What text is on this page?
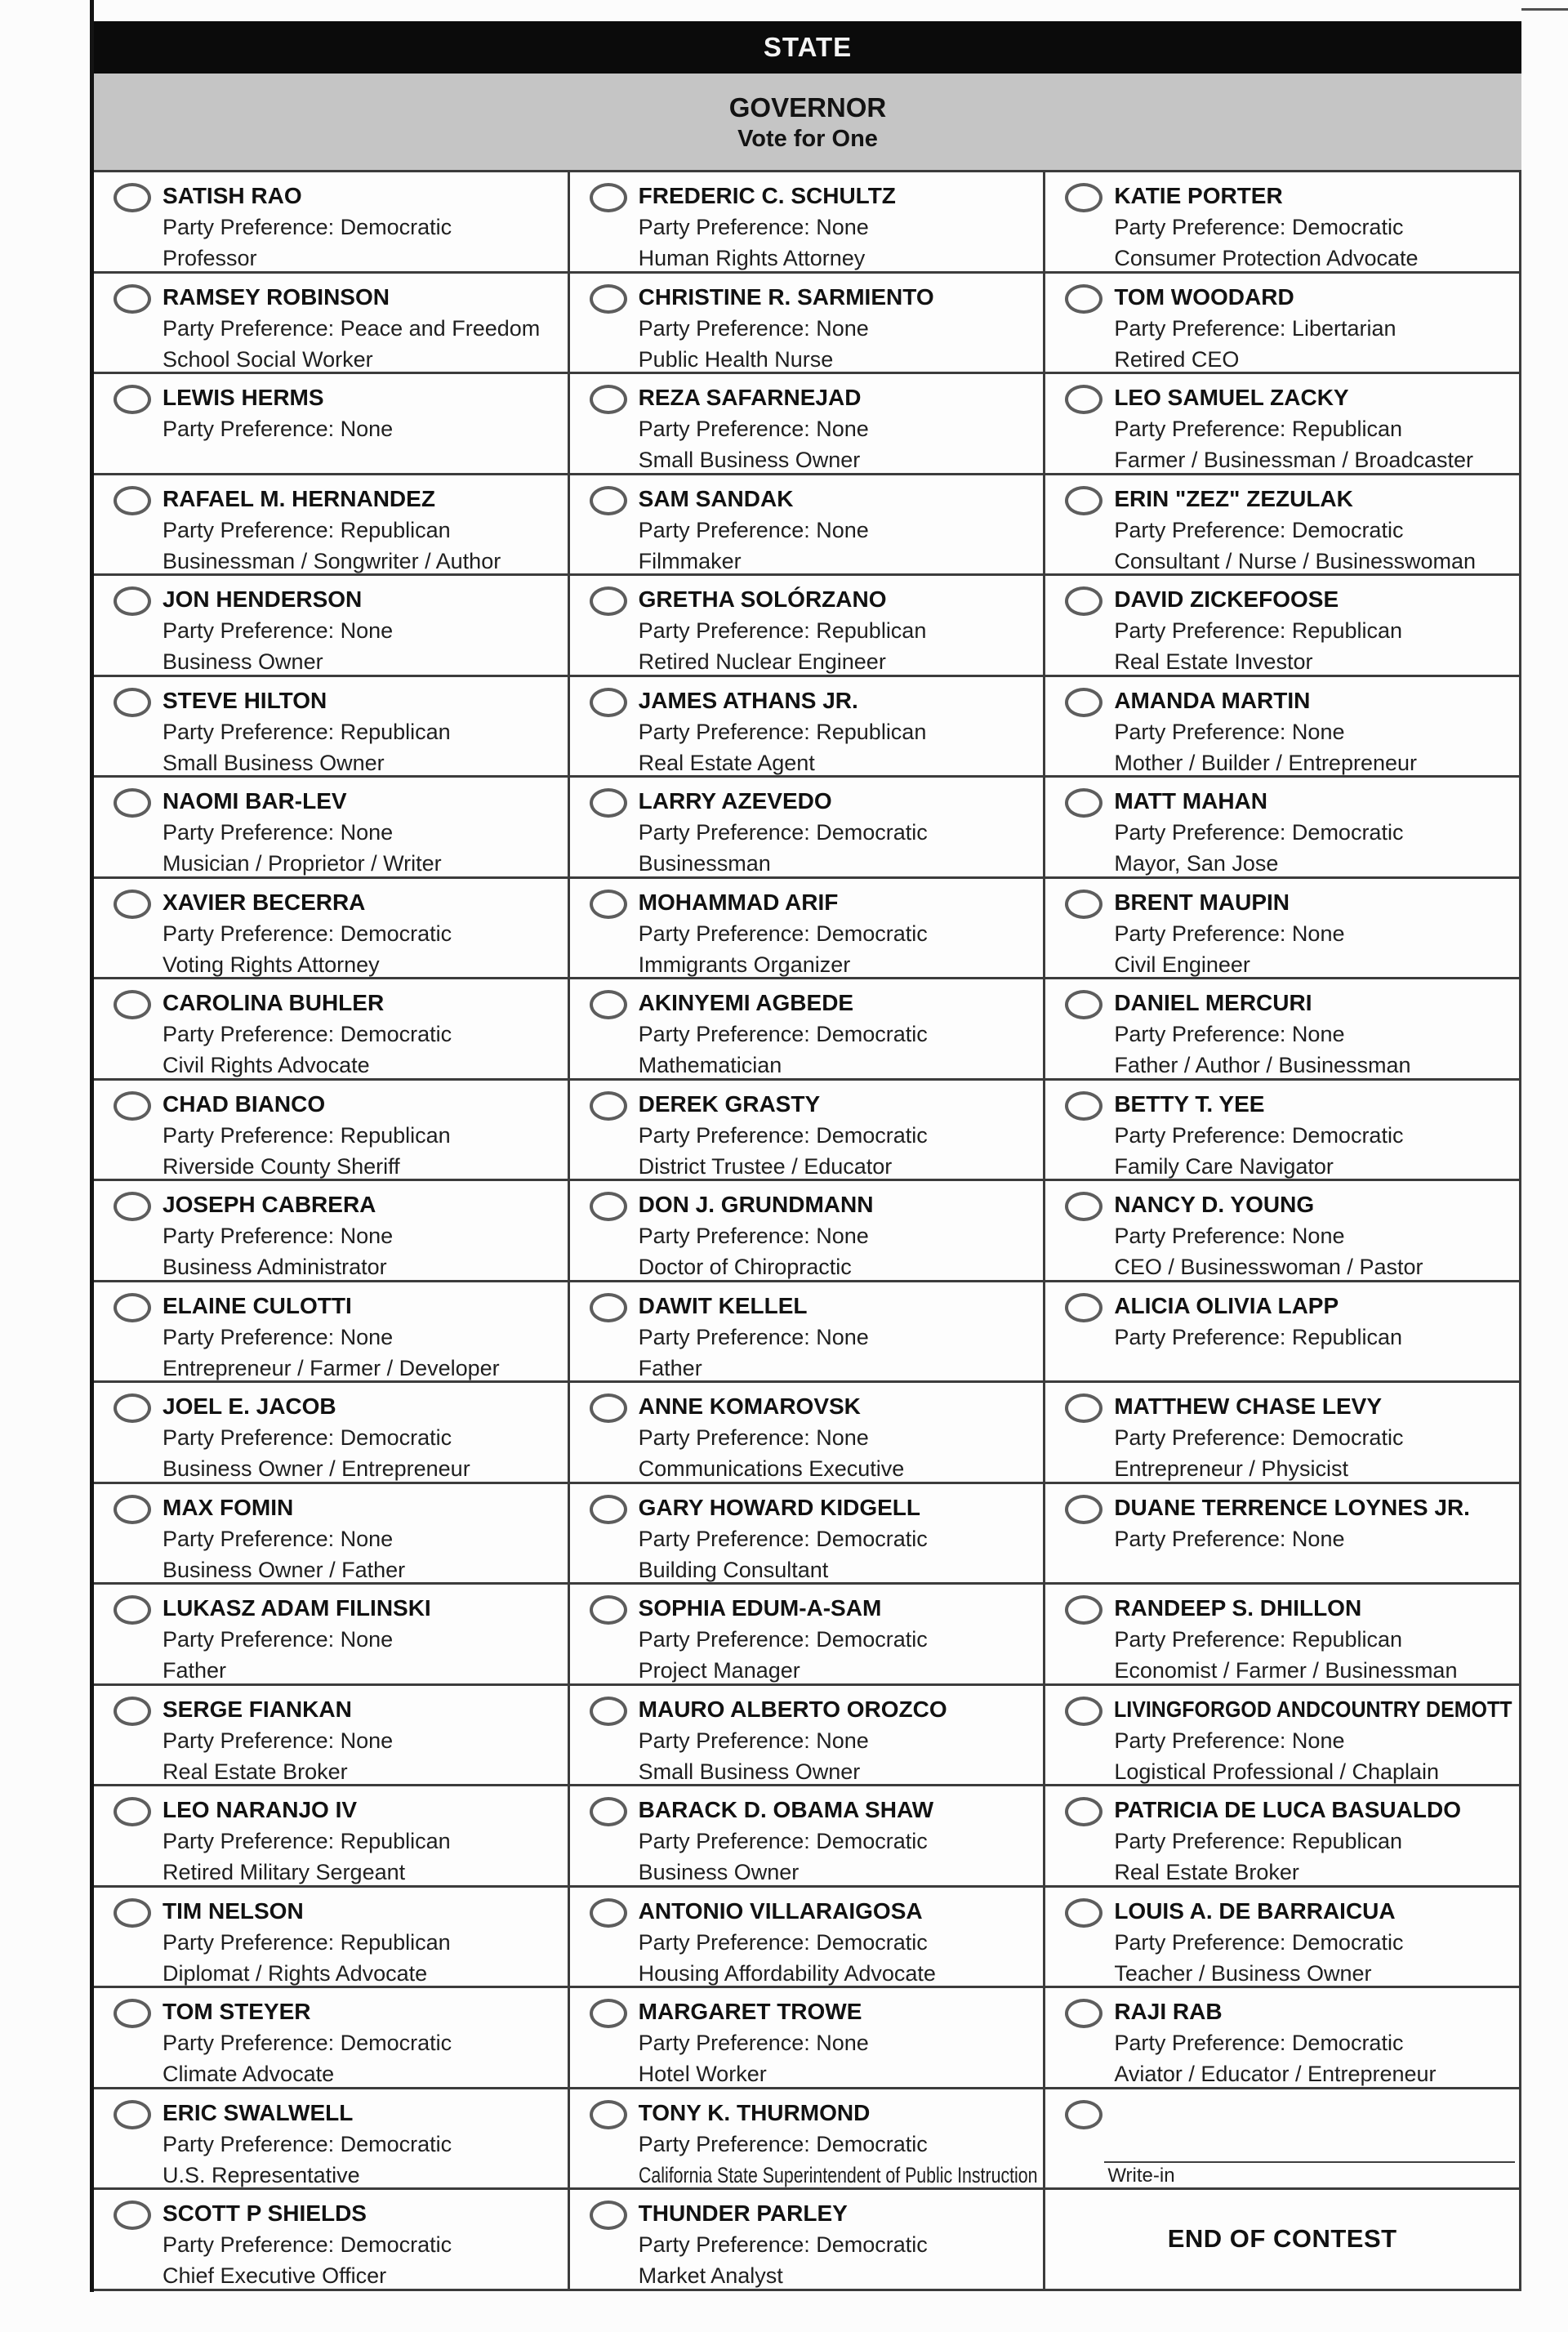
STATE
GOVERNOR
Vote for One
SATISH RAO
Party Preference: Democratic
Professor
FREDERIC C. SCHULTZ
Party Preference: None
Human Rights Attorney
KATIE PORTER
Party Preference: Democratic
Consumer Protection Advocate
RAMSEY ROBINSON
Party Preference: Peace and Freedom
School Social Worker
CHRISTINE R. SARMIENTO
Party Preference: None
Public Health Nurse
TOM WOODARD
Party Preference: Libertarian
Retired CEO
LEWIS HERMS
Party Preference: None
REZA SAFARNEJAD
Party Preference: None
Small Business Owner
LEO SAMUEL ZACKY
Party Preference: Republican
Farmer / Businessman / Broadcaster
RAFAEL M. HERNANDEZ
Party Preference: Republican
Businessman / Songwriter / Author
SAM SANDAK
Party Preference: None
Filmmaker
ERIN "ZEZ" ZEZULAK
Party Preference: Democratic
Consultant / Nurse / Businesswoman
JON HENDERSON
Party Preference: None
Business Owner
GRETHA SOLÓRZANO
Party Preference: Republican
Retired Nuclear Engineer
DAVID ZICKEFOOSE
Party Preference: Republican
Real Estate Investor
STEVE HILTON
Party Preference: Republican
Small Business Owner
JAMES ATHANS JR.
Party Preference: Republican
Real Estate Agent
AMANDA MARTIN
Party Preference: None
Mother / Builder / Entrepreneur
NAOMI BAR-LEV
Party Preference: None
Musician / Proprietor / Writer
LARRY AZEVEDO
Party Preference: Democratic
Businessman
MATT MAHAN
Party Preference: Democratic
Mayor, San Jose
XAVIER BECERRA
Party Preference: Democratic
Voting Rights Attorney
MOHAMMAD ARIF
Party Preference: Democratic
Immigrants Organizer
BRENT MAUPIN
Party Preference: None
Civil Engineer
CAROLINA BUHLER
Party Preference: Democratic
Civil Rights Advocate
AKINYEMI AGBEDE
Party Preference: Democratic
Mathematician
DANIEL MERCURI
Party Preference: None
Father / Author / Businessman
CHAD BIANCO
Party Preference: Republican
Riverside County Sheriff
DEREK GRASTY
Party Preference: Democratic
District Trustee / Educator
BETTY T. YEE
Party Preference: Democratic
Family Care Navigator
JOSEPH CABRERA
Party Preference: None
Business Administrator
DON J. GRUNDMANN
Party Preference: None
Doctor of Chiropractic
NANCY D. YOUNG
Party Preference: None
CEO / Businesswoman / Pastor
ELAINE CULOTTI
Party Preference: None
Entrepreneur / Farmer / Developer
DAWIT KELLEL
Party Preference: None
Father
ALICIA OLIVIA LAPP
Party Preference: Republican
JOEL E. JACOB
Party Preference: Democratic
Business Owner / Entrepreneur
ANNE KOMAROVSK
Party Preference: None
Communications Executive
MATTHEW CHASE LEVY
Party Preference: Democratic
Entrepreneur / Physicist
MAX FOMIN
Party Preference: None
Business Owner / Father
GARY HOWARD KIDGELL
Party Preference: Democratic
Building Consultant
DUANE TERRENCE LOYNES JR.
Party Preference: None
LUKASZ ADAM FILINSKI
Party Preference: None
Father
SOPHIA EDUM-A-SAM
Party Preference: Democratic
Project Manager
RANDEEP S. DHILLON
Party Preference: Republican
Economist / Farmer / Businessman
SERGE FIANKAN
Party Preference: None
Real Estate Broker
MAURO ALBERTO OROZCO
Party Preference: None
Small Business Owner
LIVINGFORGOD ANDCOUNTRY DEMOTT
Party Preference: None
Logistical Professional / Chaplain
LEO NARANJO IV
Party Preference: Republican
Retired Military Sergeant
BARACK D. OBAMA SHAW
Party Preference: Democratic
Business Owner
PATRICIA DE LUCA BASUALDO
Party Preference: Republican
Real Estate Broker
TIM NELSON
Party Preference: Republican
Diplomat / Rights Advocate
ANTONIO VILLARAIGOSA
Party Preference: Democratic
Housing Affordability Advocate
LOUIS A. DE BARRAICUA
Party Preference: Democratic
Teacher / Business Owner
TOM STEYER
Party Preference: Democratic
Climate Advocate
MARGARET TROWE
Party Preference: None
Hotel Worker
RAJI RAB
Party Preference: Democratic
Aviator / Educator / Entrepreneur
ERIC SWALWELL
Party Preference: Democratic
U.S. Representative
TONY K. THURMOND
Party Preference: Democratic
California State Superintendent of Public Instruction	Write-in
SCOTT P SHIELDS
Party Preference: Democratic
Chief Executive Officer
THUNDER PARLEY
Party Preference: Democratic
Market Analyst
END OF CONTEST
